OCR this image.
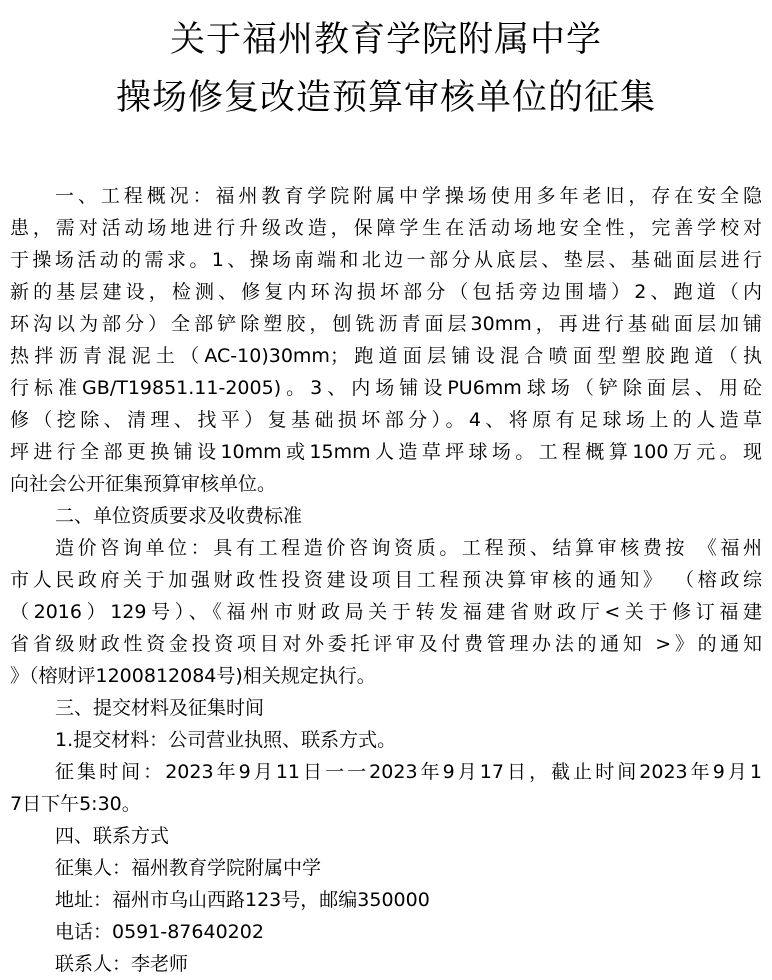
关于福州教育学院附属中学
操场修复改造预算审核单位的征集
一、工程概况：福州教育学院附属中学操场使用多年老旧，存在安全隐
患，需对活动场地进行升级改造，保障学生在活动场地安全性，完善学校对
于操场活动的需求。1、操场南端和北边一部分从底层、垫层、基础面层进行
新的基层建设，检测、修复内环沟损坏部分（包括旁边围墙）2、跑道（内
环沟以为部分）全部铲除塑胶，刨铣沥青面层30mm，再进行基础面层加铺
热拌沥青混泥土（AC-10)30mm；跑道面层铺设混合喷面型塑胶跑道（执
行标准GB/T19851.11-2005)。3、内场铺设PU6mm球场（铲除面层、用砼
修（挖除、清理、找平）复基础损坏部分）。4、将原有足球场上的人造草
坪进行全部更换铺设10mm或15mm人造草坪球场。工程概算100万元。现
向社会公开征集预算审核单位。
二、单位资质要求及收费标准
造价咨询单位：具有工程造价咨询资质。工程预、结算审核费按 《福州
市人民政府关于加强财政性投资建设项目工程预决算审核的通知》 （榕政综
（2016）129号）、《福州市财政局关于转发福建省财政厅<关于修订福建
省省级财政性资金投资项目对外委托评审及付费管理办法的通知 >》的通知
》（榕财评1200812084号)相关规定执行。
三、提交材料及征集时间
1.提交材料：公司营业执照、联系方式。
征集时间：2023年9月11日一一2023年9月17日，截止时间2023年9月1
7日下午5:30。
四、联系方式
征集人：福州教育学院附属中学
地址：福州市乌山西路123号，邮编350000
电话：0591-87640202
联系人：李老师
